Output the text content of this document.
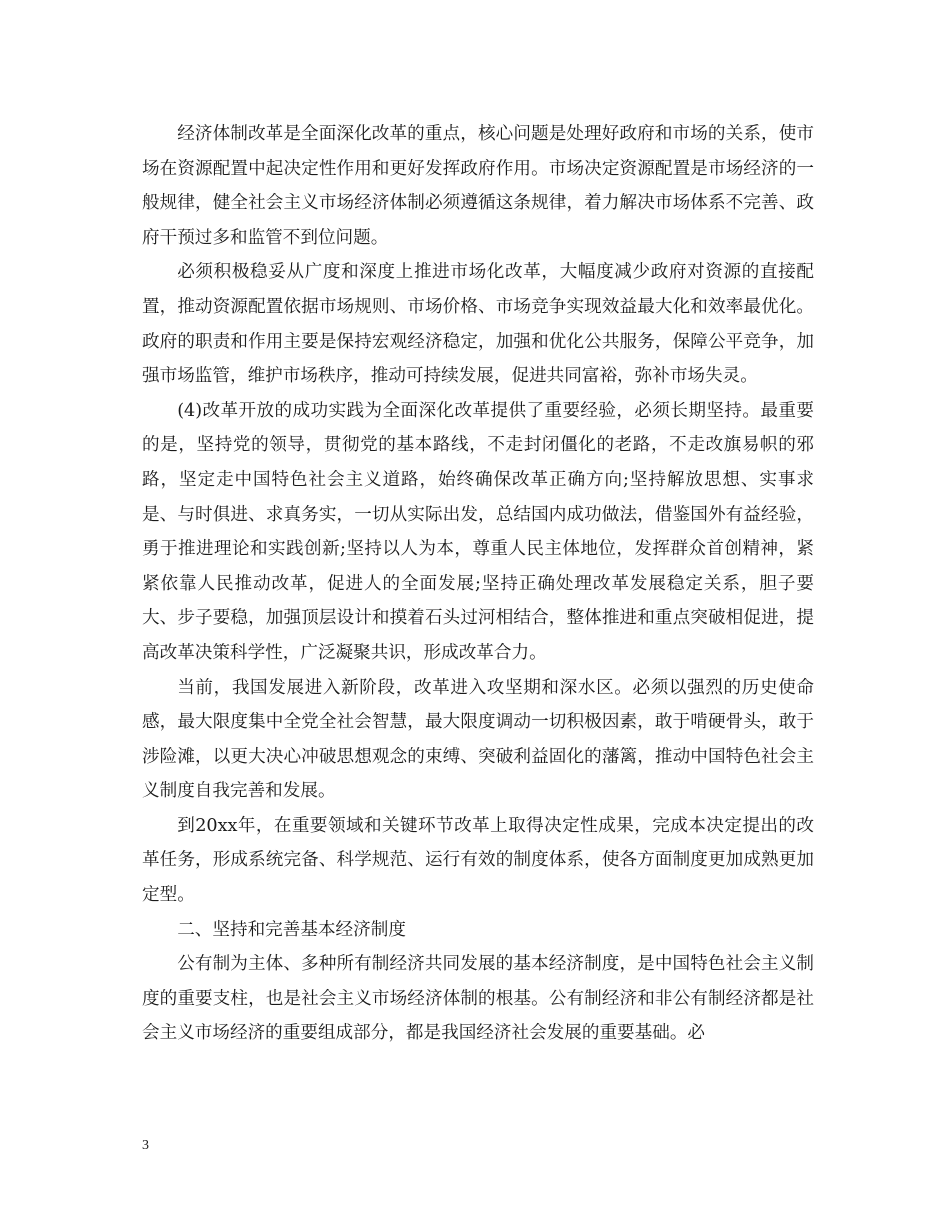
经济体制改革是全面深化改革的重点，核心问题是处理好政府和市场的关系，使市场在资源配置中起决定性作用和更好发挥政府作用。市场决定资源配置是市场经济的一般规律，健全社会主义市场经济体制必须遵循这条规律，着力解决市场体系不完善、政府干预过多和监管不到位问题。

必须积极稳妥从广度和深度上推进市场化改革，大幅度减少政府对资源的直接配置，推动资源配置依据市场规则、市场价格、市场竞争实现效益最大化和效率最优化。政府的职责和作用主要是保持宏观经济稳定，加强和优化公共服务，保障公平竞争，加强市场监管，维护市场秩序，推动可持续发展，促进共同富裕，弥补市场失灵。

(4)改革开放的成功实践为全面深化改革提供了重要经验，必须长期坚持。最重要的是，坚持党的领导，贯彻党的基本路线，不走封闭僵化的老路，不走改旗易帜的邪路，坚定走中国特色社会主义道路，始终确保改革正确方向;坚持解放思想、实事求是、与时俱进、求真务实，一切从实际出发，总结国内成功做法，借鉴国外有益经验，勇于推进理论和实践创新;坚持以人为本，尊重人民主体地位，发挥群众首创精神，紧紧依靠人民推动改革，促进人的全面发展;坚持正确处理改革发展稳定关系，胆子要大、步子要稳，加强顶层设计和摸着石头过河相结合，整体推进和重点突破相促进，提高改革决策科学性，广泛凝聚共识，形成改革合力。

当前，我国发展进入新阶段，改革进入攻坚期和深水区。必须以强烈的历史使命感，最大限度集中全党全社会智慧，最大限度调动一切积极因素，敢于啃硬骨头，敢于涉险滩，以更大决心冲破思想观念的束缚、突破利益固化的藩篱，推动中国特色社会主义制度自我完善和发展。

到20xx年，在重要领域和关键环节改革上取得决定性成果，完成本决定提出的改革任务，形成系统完备、科学规范、运行有效的制度体系，使各方面制度更加成熟更加定型。

二、坚持和完善基本经济制度

公有制为主体、多种所有制经济共同发展的基本经济制度，是中国特色社会主义制度的重要支柱，也是社会主义市场经济体制的根基。公有制经济和非公有制经济都是社会主义市场经济的重要组成部分，都是我国经济社会发展的重要基础。必

3
